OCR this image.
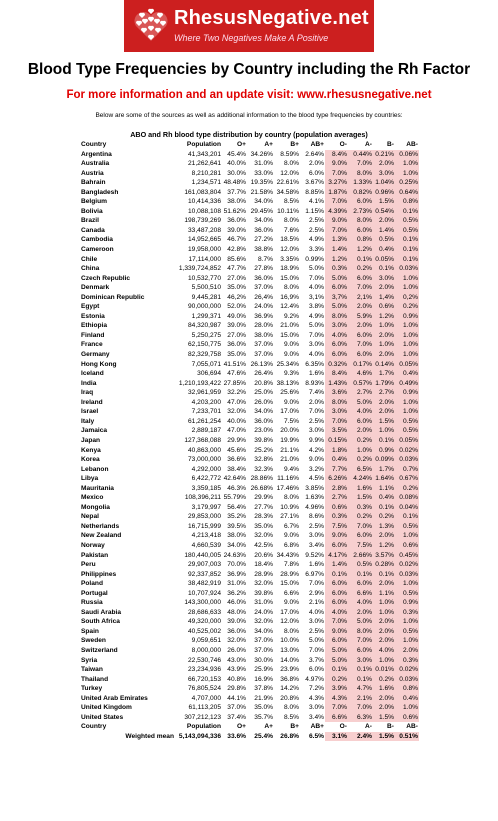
RhesusNegative.net
Where Two Negatives Make A Positive
Blood Type Frequencies by Country including the Rh Factor
For more information and an update visit: www.rhesusnegative.net
Below are some of the sources as well as additional information to the blood type frequencies by countries:
ABO and Rh blood type distribution by country (population averages)
Country	Population	O+	A+	B+	AB+	O-	A-	B-	AB-
Argentina	41,343,201	45.4%	34.26%	8.59%	2.64%	8.4%	0.44%	0.21%	0.06%
Australia	21,262,641	40.0%	31.0%	8.0%	2.0%	9.0%	7.0%	2.0%	1.0%
Austria	8,210,281	30.0%	33.0%	12.0%	6.0%	7.0%	8.0%	3.0%	1.0%
Bahrain	1,234,571	48.48%	19.35%	22.61%	3.67%	3.27%	1.33%	1.04%	0.25%
Bangladesh	161,083,804	37.7%	21.58%	34.58%	8.85%	1.87%	0.82%	0.96%	0.64%
Belgium	10,414,336	38.0%	34.0%	8.5%	4.1%	7.0%	6.0%	1.5%	0.8%
Bolivia	10,088,108	51.62%	29.45%	10.11%	1.15%	4.39%	2.73%	0.54%	0.1%
Brazil	198,739,269	36.0%	34.0%	8.0%	2.5%	9.0%	8.0%	2.0%	0.5%
Canada	33,487,208	39.0%	36.0%	7.6%	2.5%	7.0%	6.0%	1.4%	0.5%
Cambodia	14,952,665	46.7%	27.2%	18.5%	4.9%	1.3%	0.8%	0.5%	0.1%
Cameroon	19,958,000	42.8%	38.8%	12.0%	3.3%	1.4%	1.2%	0.4%	0.1%
Chile	17,114,000	85.6%	8.7%	3.35%	0.99%	1.2%	0.1%	0.05%	0.1%
China	1,339,724,852	47.7%	27.8%	18.9%	5.0%	0.3%	0.2%	0.1%	0.03%
Czech Republic	10,532,770	27.0%	36.0%	15.0%	7.0%	5.0%	6.0%	3.0%	1.0%
Denmark	5,500,510	35.0%	37.0%	8.0%	4.0%	6.0%	7.0%	2.0%	1.0%
Dominican Republic	9,445,281	46,2%	26,4%	16,9%	3,1%	3,7%	2,1%	1,4%	0,2%
Egypt	90,000,000	52.0%	24.0%	12.4%	3.8%	5.0%	2.0%	0.6%	0.2%
Estonia	1,299,371	49.0%	36.9%	9.2%	4.9%	8.0%	5.9%	1.2%	0.9%
Ethiopia	84,320,987	39.0%	28.0%	21.0%	5.0%	3.0%	2.0%	1.0%	1.0%
Finland	5,250,275	27.0%	38.0%	15.0%	7.0%	4.0%	6.0%	2.0%	1.0%
France	62,150,775	36.0%	37.0%	9.0%	3.0%	6.0%	7.0%	1.0%	1.0%
Germany	82,329,758	35.0%	37.0%	9.0%	4.0%	6.0%	6.0%	2.0%	1.0%
Hong Kong	7,055,071	41.51%	26.13%	25.34%	6.35%	0.32%	0.17%	0.14%	0.05%
Iceland	306,694	47.6%	26.4%	9.3%	1.6%	8.4%	4.6%	1.7%	0.4%
India	1,210,193,422	27.85%	20.8%	38.13%	8.93%	1.43%	0.57%	1.79%	0.49%
Iraq	32,961,959	32.2%	25.0%	25.6%	7.4%	3.6%	2.7%	2.7%	0.9%
Ireland	4,203,200	47.0%	26.0%	9.0%	2.0%	8.0%	5.0%	2.0%	1.0%
Israel	7,233,701	32.0%	34.0%	17.0%	7.0%	3.0%	4.0%	2.0%	1.0%
Italy	61,261,254	40.0%	36.0%	7.5%	2.5%	7.0%	6.0%	1.5%	0.5%
Jamaica	2,889,187	47.0%	23.0%	20.0%	3.0%	3.5%	2.0%	1.0%	0.5%
Japan	127,368,088	29.9%	39.8%	19.9%	9.9%	0.15%	0.2%	0.1%	0.05%
Kenya	40,863,000	45.6%	25.2%	21.1%	4.2%	1.8%	1.0%	0.9%	0.02%
Korea	73,000,000	36.6%	32.8%	21.0%	9.0%	0.4%	0.2%	0.09%	0.03%
Lebanon	4,292,000	38.4%	32.3%	9.4%	3.2%	7.7%	6.5%	1.7%	0.7%
Libya	6,422,772	42.64%	28.86%	11.16%	4.5%	6.26%	4.24%	1.64%	0.67%
Mauritania	3,359,185	46.3%	26.68%	17.46%	3.85%	2.8%	1.6%	1.1%	0.2%
Mexico	108,396,211	55.79%	29.9%	8.0%	1.63%	2.7%	1.5%	0.4%	0.08%
Mongolia	3,179,997	56.4%	27.7%	10.9%	4.96%	0.6%	0.3%	0.1%	0.04%
Nepal	29,853,000	35.2%	28.3%	27.1%	8.6%	0.3%	0.2%	0.2%	0.1%
Netherlands	16,715,999	39.5%	35.0%	6.7%	2.5%	7.5%	7.0%	1.3%	0.5%
New Zealand	4,213,418	38.0%	32.0%	9.0%	3.0%	9.0%	6.0%	2.0%	1.0%
Norway	4,660,539	34.0%	42.5%	6.8%	3.4%	6.0%	7.5%	1.2%	0.6%
Pakistan	180,440,005	24.63%	20.6%	34.43%	9.52%	4.17%	2.66%	3.57%	0.45%
Peru	29,907,003	70.0%	18.4%	7.8%	1.6%	1.4%	0.5%	0.28%	0.02%
Philippines	92,337,852	36.9%	28.9%	28.9%	6.97%	0.1%	0.1%	0.1%	0.03%
Poland	38,482,919	31.0%	32.0%	15.0%	7.0%	6.0%	6.0%	2.0%	1.0%
Portugal	10,707,924	36.2%	39.8%	6.6%	2.9%	6.0%	6.6%	1.1%	0.5%
Russia	143,300,000	46.0%	31.0%	9.0%	2.1%	6.0%	4.0%	1.0%	0.9%
Saudi Arabia	28,686,633	48.0%	24.0%	17.0%	4.0%	4.0%	2.0%	1.0%	0.3%
South Africa	49,320,000	39.0%	32.0%	12.0%	3.0%	7.0%	5.0%	2.0%	1.0%
Spain	40,525,002	36.0%	34.0%	8.0%	2.5%	9.0%	8.0%	2.0%	0.5%
Sweden	9,059,651	32.0%	37.0%	10.0%	5.0%	6.0%	7.0%	2.0%	1.0%
Switzerland	8,000,000	26.0%	37.0%	13.0%	7.0%	5.0%	6.0%	4.0%	2.0%
Syria	22,530,746	43.0%	30.0%	14.0%	3.7%	5.0%	3.0%	1.0%	0.3%
Taiwan	23,234,936	43.9%	25.9%	23.9%	6.0%	0.1%	0.1%	0.01%	0.02%
Thailand	66,720,153	40.8%	16.9%	36.8%	4.97%	0.2%	0.1%	0.2%	0.03%
Turkey	76,805,524	29.8%	37.8%	14.2%	7.2%	3.9%	4.7%	1.6%	0.8%
United Arab Emirates	4,707,000	44.1%	21.9%	20.8%	4.3%	4.3%	2.1%	2.0%	0.4%
United Kingdom	61,113,205	37.0%	35.0%	8.0%	3.0%	7.0%	7.0%	2.0%	1.0%
United States	307,212,123	37.4%	35.7%	8.5%	3.4%	6.6%	6.3%	1.5%	0.6%
Country	Population	O+	A+	B+	AB+	O-	A-	B-	AB-
Weighted mean	5,143,094,336	33.6%	25.4%	26.8%	6.5%	3.1%	2.4%	1.5%	0.51%
